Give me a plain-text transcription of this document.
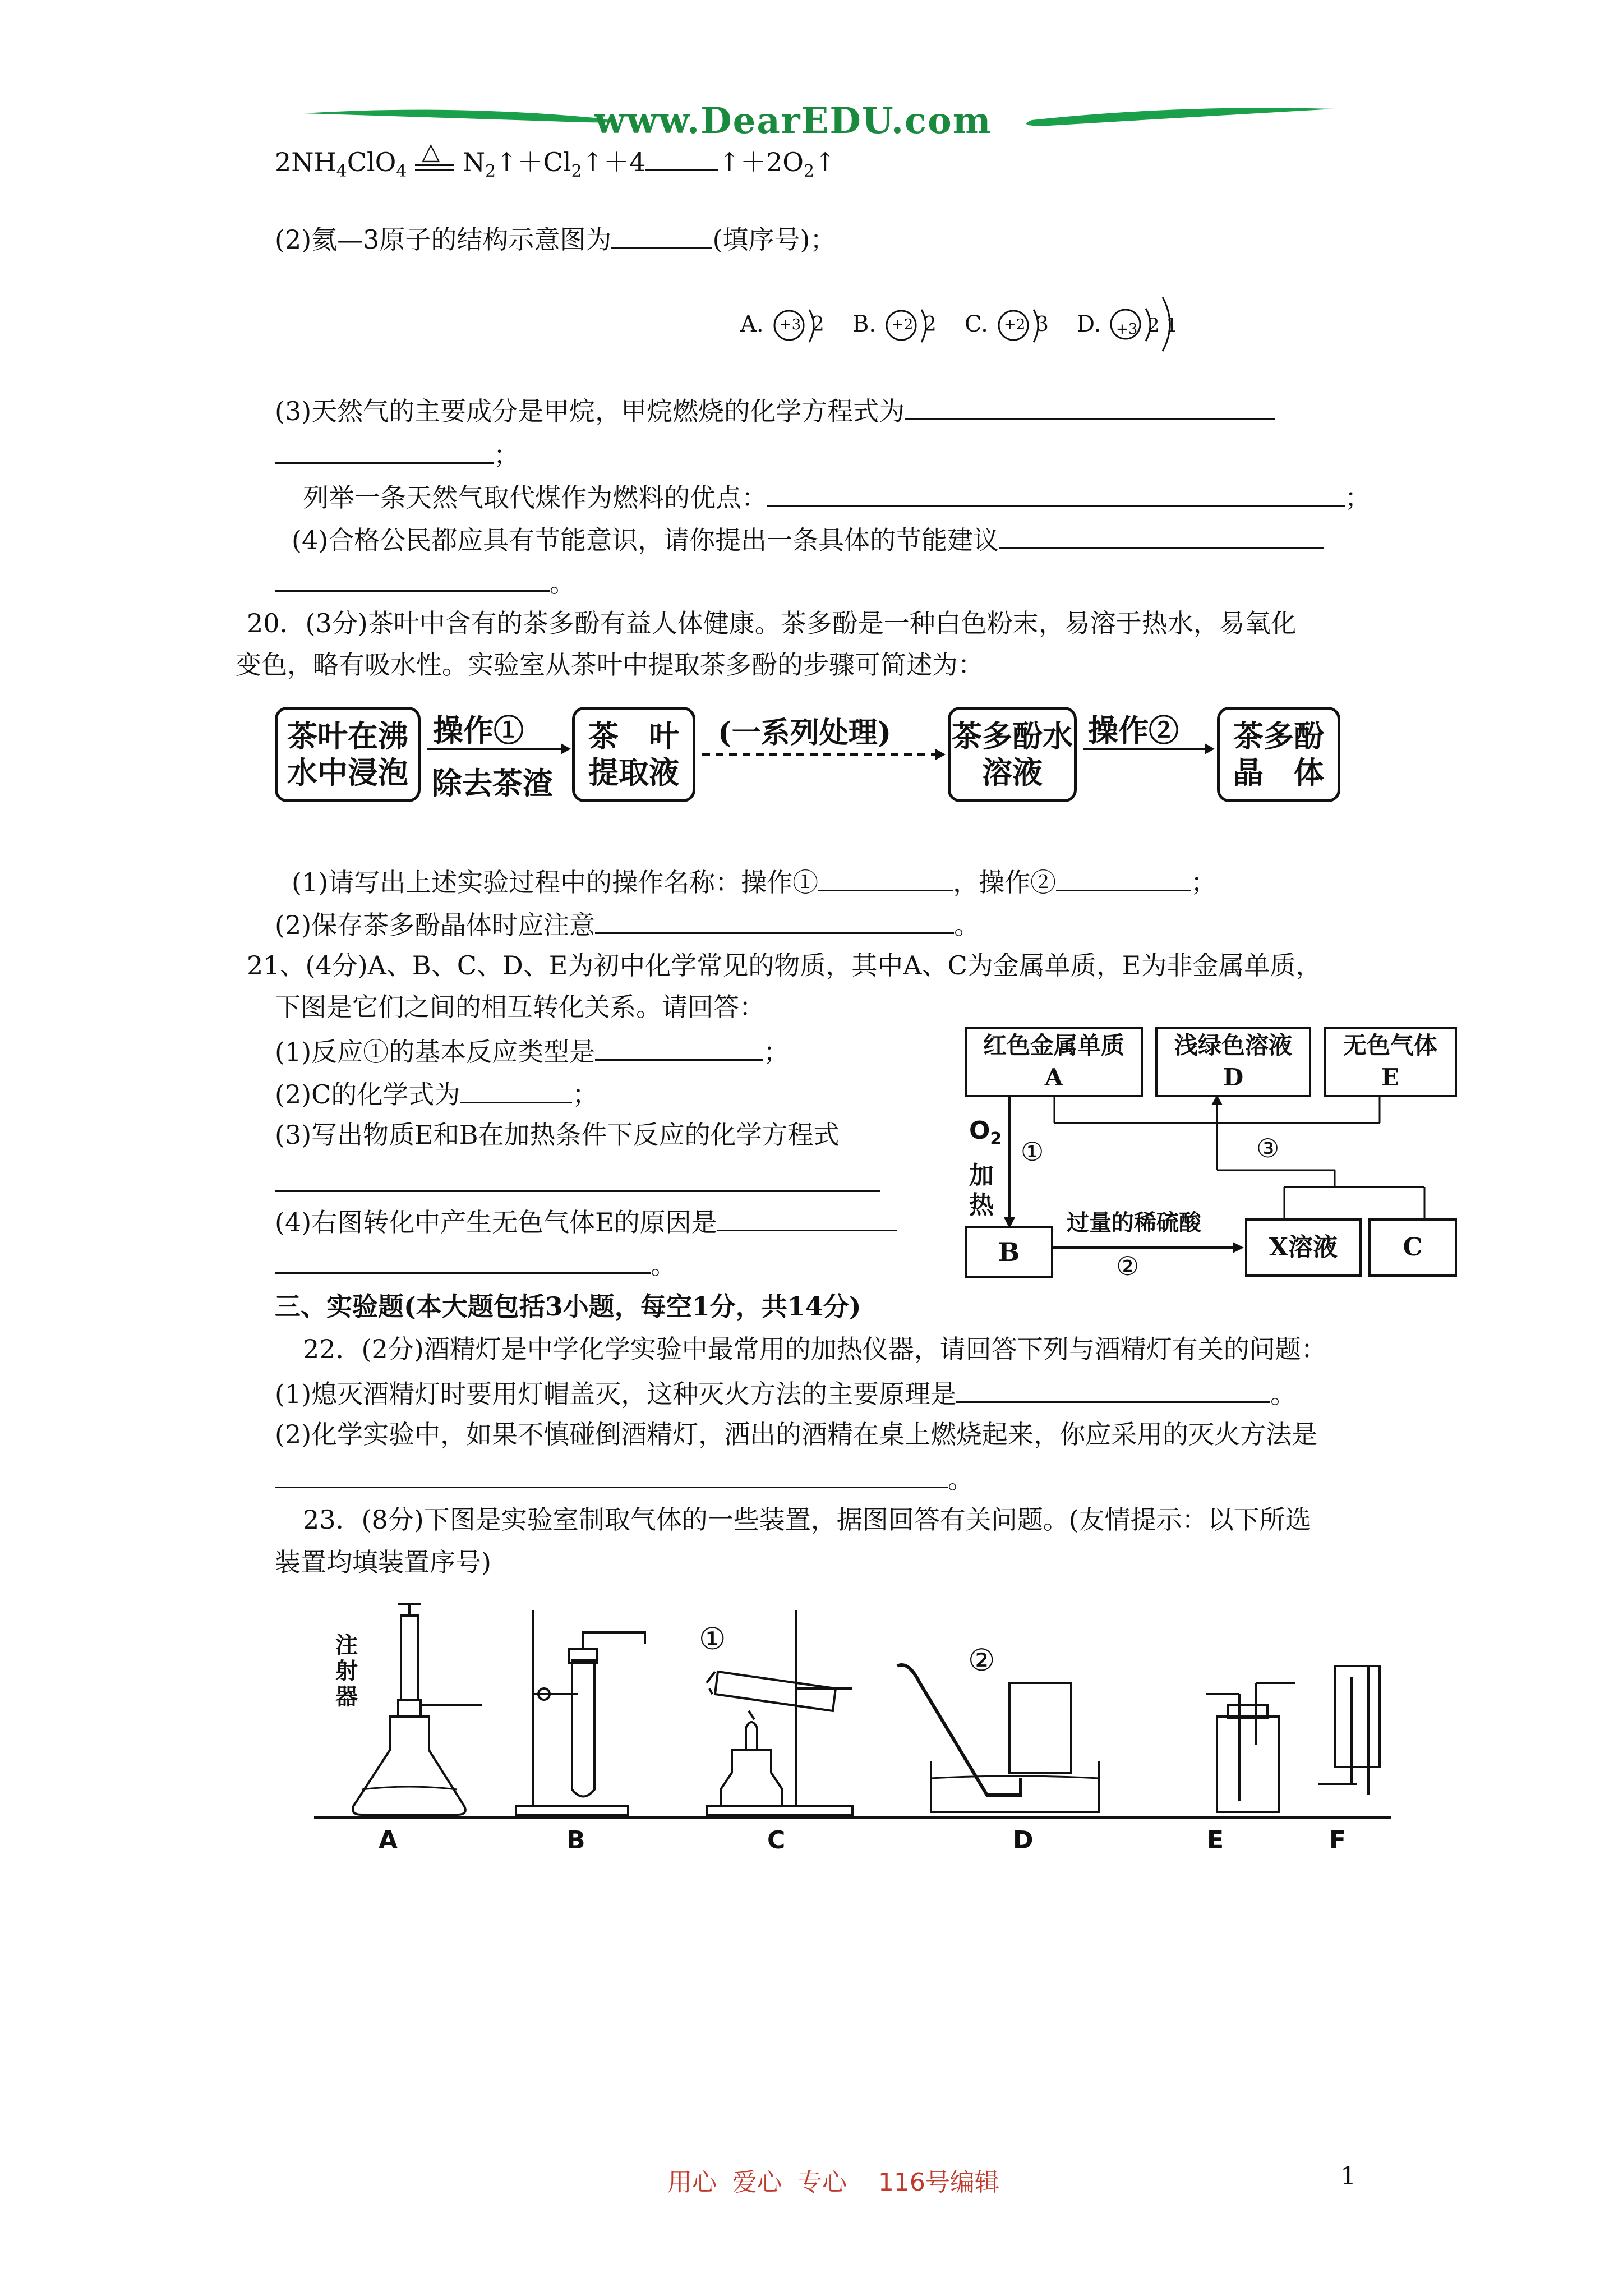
www.DearEDU.com
$2NH_4ClO_4$
△ $N_2↑+Cl_2↑+4$	$↑+2O_2↑$
(2)氦—3原子的结构示意图为	(填序号)；
A. +3 2 B. +2 2 C. +2 3 D. +3 2 1
(3)天然气的主要成分是甲烷，甲烷燃烧的化学方程式为
；
列举一条天然气取代煤作为燃料的优点：	；
(4)合格公民都应具有节能意识，请你提出一条具体的节能建议
。
20．(3分)茶叶中含有的茶多酚有益人体健康。茶多酚是一种白色粉末，易溶于热水，易氧化
变色，略有吸水性。实验室从茶叶中提取茶多酚的步骤可简述为：
茶叶在沸水中浸泡
操作①
除去茶渣
茶　叶提取液
(一系列处理) 茶多酚水溶液
操作②	茶多酚晶　体
(1)请写出上述实验过程中的操作名称：操作①	，操作②	；
(2)保存茶多酚晶体时应注意	。
21、(4分)A、B、C、D、E为初中化学常见的物质，其中A、C为金属单质，E为非金属单质，
下图是它们之间的相互转化关系。请回答：
(1)反应①的基本反应类型是	；
(2)C的化学式为	；
(3)写出物质E和B在加热条件下反应的化学方程式
(4)右图转化中产生无色气体E的原因是
。
红色金属单质
A
浅绿色溶液
D
无色气体
E
$O_2$
加热
①	③
过量的稀硫酸
②
B	X溶液	C
三、实验题(本大题包括3小题，每空1分，共14分)
22．(2分)酒精灯是中学化学实验中最常用的加热仪器，请回答下列与酒精灯有关的问题：
(1)熄灭酒精灯时要用灯帽盖灭，这种灭火方法的主要原理是	。
(2)化学实验中，如果不慎碰倒酒精灯，洒出的酒精在桌上燃烧起来，你应采用的灭火方法是
。
23．(8分)下图是实验室制取气体的一些装置，据图回答有关问题。(友情提示：以下所选
装置均填装置序号)
注射器
①
②
A	B	C	D	E	F
用心  爱心  专心    116号编辑	1
